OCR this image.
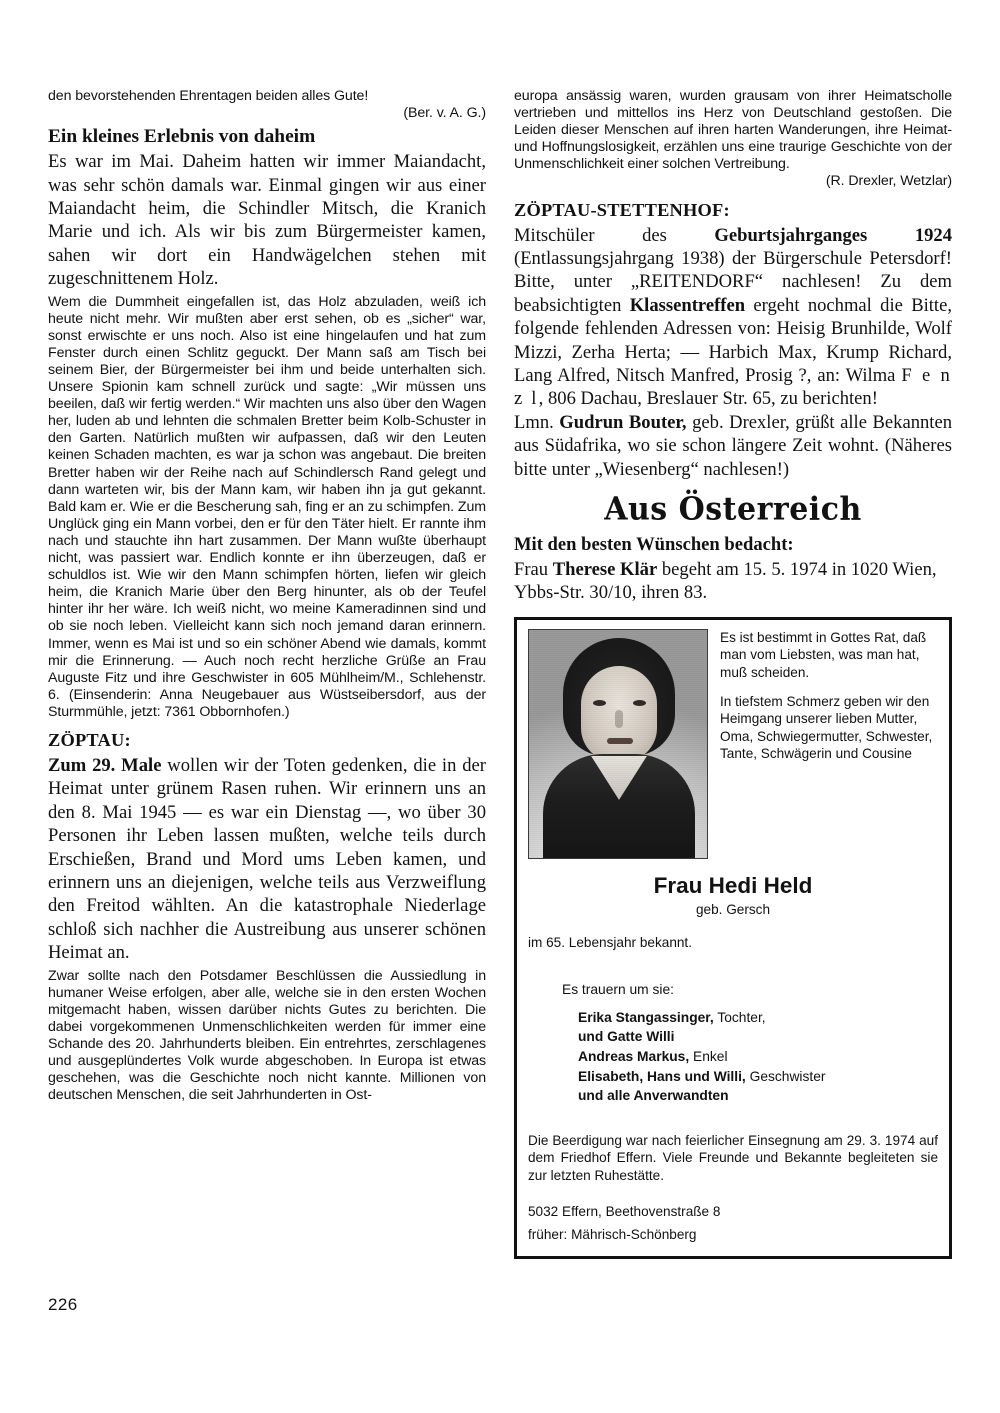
den bevorstehenden Ehrentagen beiden alles Gute!

(Ber. v. A. G.)

Ein kleines Erlebnis von daheim

Es war im Mai. Daheim hatten wir immer Maiandacht, was sehr schön damals war. Einmal gingen wir aus einer Maiandacht heim, die Schindler Mitsch, die Kranich Marie und ich. Als wir bis zum Bürgermeister kamen, sahen wir dort ein Handwägelchen stehen mit zugeschnittenem Holz.

Wem die Dummheit eingefallen ist, das Holz abzuladen, weiß ich heute nicht mehr. Wir mußten aber erst sehen, ob es „sicher“ war, sonst erwischte er uns noch. Also ist eine hingelaufen und hat zum Fenster durch einen Schlitz geguckt. Der Mann saß am Tisch bei seinem Bier, der Bürgermeister bei ihm und beide unterhalten sich. Unsere Spionin kam schnell zurück und sagte: „Wir müssen uns beeilen, daß wir fertig werden.“ Wir machten uns also über den Wagen her, luden ab und lehnten die schmalen Bretter beim Kolb-Schuster in den Garten. Natürlich mußten wir aufpassen, daß wir den Leuten keinen Schaden machten, es war ja schon was angebaut. Die breiten Bretter haben wir der Reihe nach auf Schindlersch Rand gelegt und dann warteten wir, bis der Mann kam, wir haben ihn ja gut gekannt. Bald kam er. Wie er die Bescherung sah, fing er an zu schimpfen. Zum Unglück ging ein Mann vorbei, den er für den Täter hielt. Er rannte ihm nach und stauchte ihn hart zusammen. Der Mann wußte überhaupt nicht, was passiert war. Endlich konnte er ihn überzeugen, daß er schuldlos ist. Wie wir den Mann schimpfen hörten, liefen wir gleich heim, die Kranich Marie über den Berg hinunter, als ob der Teufel hinter ihr her wäre. Ich weiß nicht, wo meine Kameradinnen sind und ob sie noch leben. Vielleicht kann sich noch jemand daran erinnern. Immer, wenn es Mai ist und so ein schöner Abend wie damals, kommt mir die Erinnerung. — Auch noch recht herzliche Grüße an Frau Auguste Fitz und ihre Geschwister in 605 Mühlheim/M., Schlehenstr. 6. (Einsenderin: Anna Neugebauer aus Wüstseibersdorf, aus der Sturmmühle, jetzt: 7361 Obbornhofen.)

ZÖPTAU:

Zum 29. Male wollen wir der Toten gedenken, die in der Heimat unter grünem Rasen ruhen. Wir erinnern uns an den 8. Mai 1945 — es war ein Dienstag —, wo über 30 Personen ihr Leben lassen mußten, welche teils durch Erschießen, Brand und Mord ums Leben kamen, und erinnern uns an diejenigen, welche teils aus Verzweiflung den Freitod wählten. An die katastrophale Niederlage schloß sich nachher die Austreibung aus unserer schönen Heimat an.

Zwar sollte nach den Potsdamer Beschlüssen die Aussiedlung in humaner Weise erfolgen, aber alle, welche sie in den ersten Wochen mitgemacht haben, wissen darüber nichts Gutes zu berichten. Die dabei vorgekommenen Unmenschlichkeiten werden für immer eine Schande des 20. Jahrhunderts bleiben. Ein entrehrtes, zerschlagenes und ausgeplündertes Volk wurde abgeschoben. In Europa ist etwas geschehen, was die Geschichte noch nicht kannte. Millionen von deutschen Menschen, die seit Jahrhunderten in Ost-

europa ansässig waren, wurden grausam von ihrer Heimatscholle vertrieben und mittellos ins Herz von Deutschland gestoßen. Die Leiden dieser Menschen auf ihren harten Wanderungen, ihre Heimat- und Hoffnungslosigkeit, erzählen uns eine traurige Geschichte von der Unmenschlichkeit einer solchen Vertreibung.

(R. Drexler, Wetzlar)

ZÖPTAU-STETTENHOF:

Mitschüler des Geburtsjahrganges 1924 (Entlassungsjahrgang 1938) der Bürgerschule Petersdorf! Bitte, unter „REITENDORF“ nachlesen! Zu dem beabsichtigten Klassentreffen ergeht nochmal die Bitte, folgende fehlenden Adressen von: Heisig Brunhilde, Wolf Mizzi, Zerha Herta; — Harbich Max, Krump Richard, Lang Alfred, Nitsch Manfred, Prosig ?, an: Wilma F e n z l, 806 Dachau, Breslauer Str. 65, zu berichten!

Lmn. Gudrun Bouter, geb. Drexler, grüßt alle Bekannten aus Südafrika, wo sie schon längere Zeit wohnt. (Näheres bitte unter „Wiesenberg“ nachlesen!)

Aus Österreich
Mit den besten Wünschen bedacht:

Frau Therese Klär begeht am 15. 5. 1974 in 1020 Wien, Ybbs-Str. 30/10, ihren 83.

Es ist bestimmt in Gottes Rat, daß man vom Liebsten, was man hat, muß scheiden.

In tiefstem Schmerz geben wir den Heimgang unserer lieben Mutter, Oma, Schwiegermutter, Schwester, Tante, Schwägerin und Cousine

Frau Hedi Held
geb. Gersch
im 65. Lebensjahr bekannt.
Es trauern um sie:
Erika Stangassinger, Tochter,
und Gatte Willi
Andreas Markus, Enkel
Elisabeth, Hans und Willi, Geschwister
und alle Anverwandten
Die Beerdigung war nach feierlicher Einsegnung am 29. 3. 1974 auf dem Friedhof Effern. Viele Freunde und Bekannte begleiteten sie zur letzten Ruhestätte.
5032 Effern, Beethovenstraße 8
früher: Mährisch-Schönberg
226
